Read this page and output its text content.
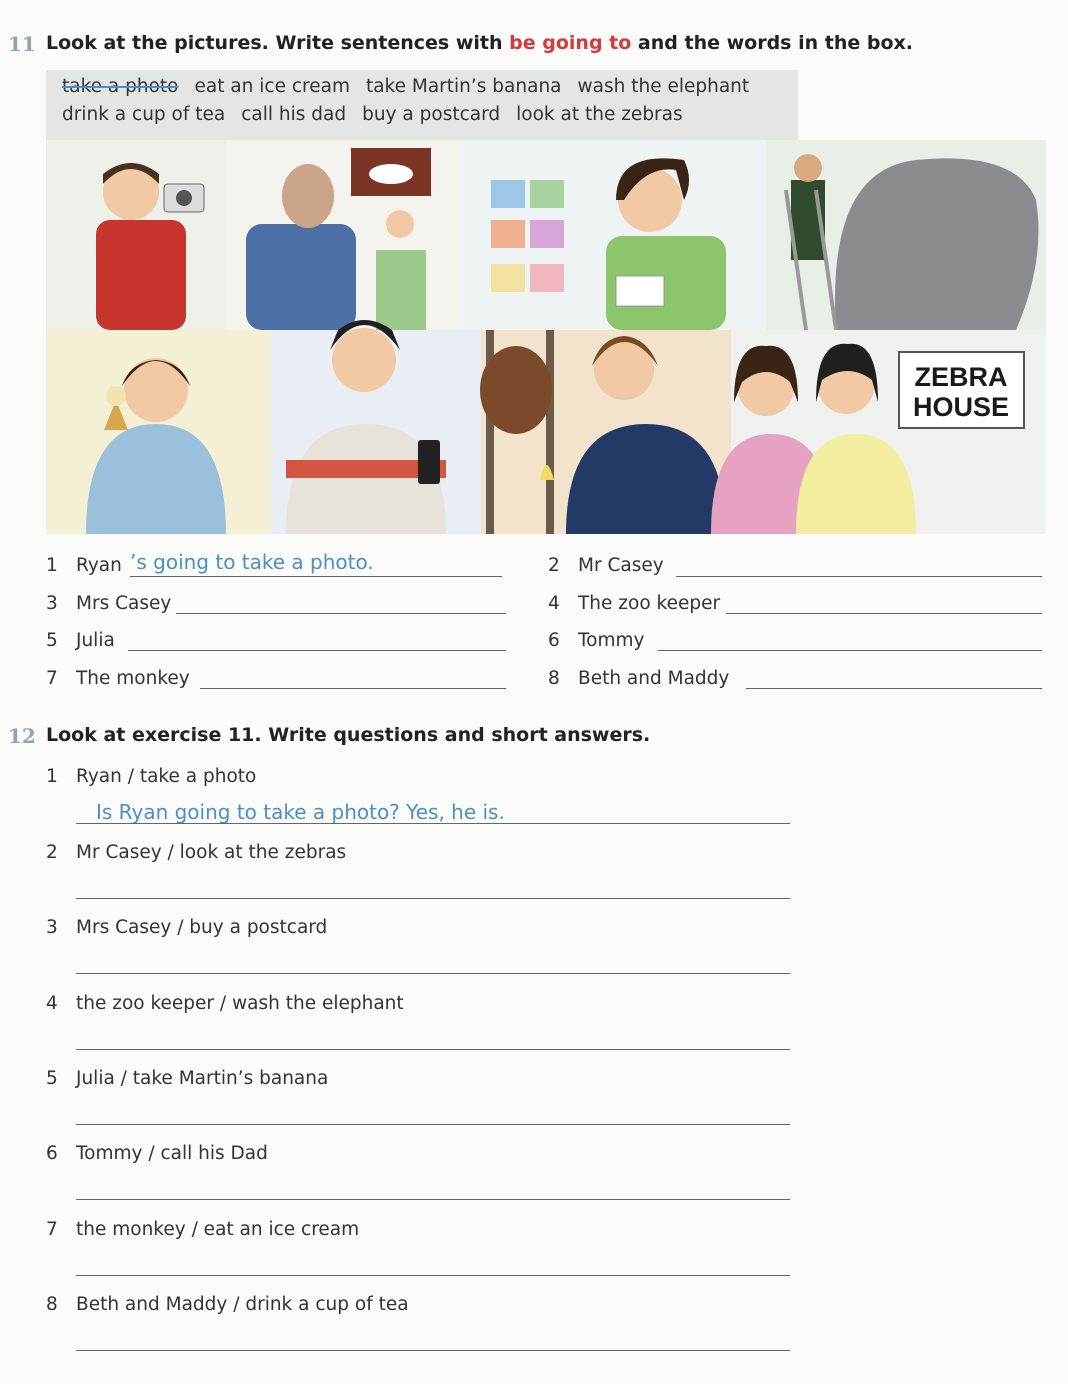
11 Look at the pictures. Write sentences with be going to and the words in the box.
take a photo eat an ice cream take Martin’s banana wash the elephant
drink a cup of tea call his dad buy a postcard look at the zebras
ZEBRA
HOUSE
1 Ryan ’s going to take a photo.	2 Mr Casey
3 Mrs Casey	4 The zoo keeper
5 Julia	6 Tommy
7 The monkey	8 Beth and Maddy
12 Look at exercise 11. Write questions and short answers.
1 Ryan / take a photo
Is Ryan going to take a photo? Yes, he is.
2 Mr Casey / look at the zebras
3 Mrs Casey / buy a postcard
4 the zoo keeper / wash the elephant
5 Julia / take Martin’s banana
6 Tommy / call his Dad
7 the monkey / eat an ice cream
8 Beth and Maddy / drink a cup of tea
